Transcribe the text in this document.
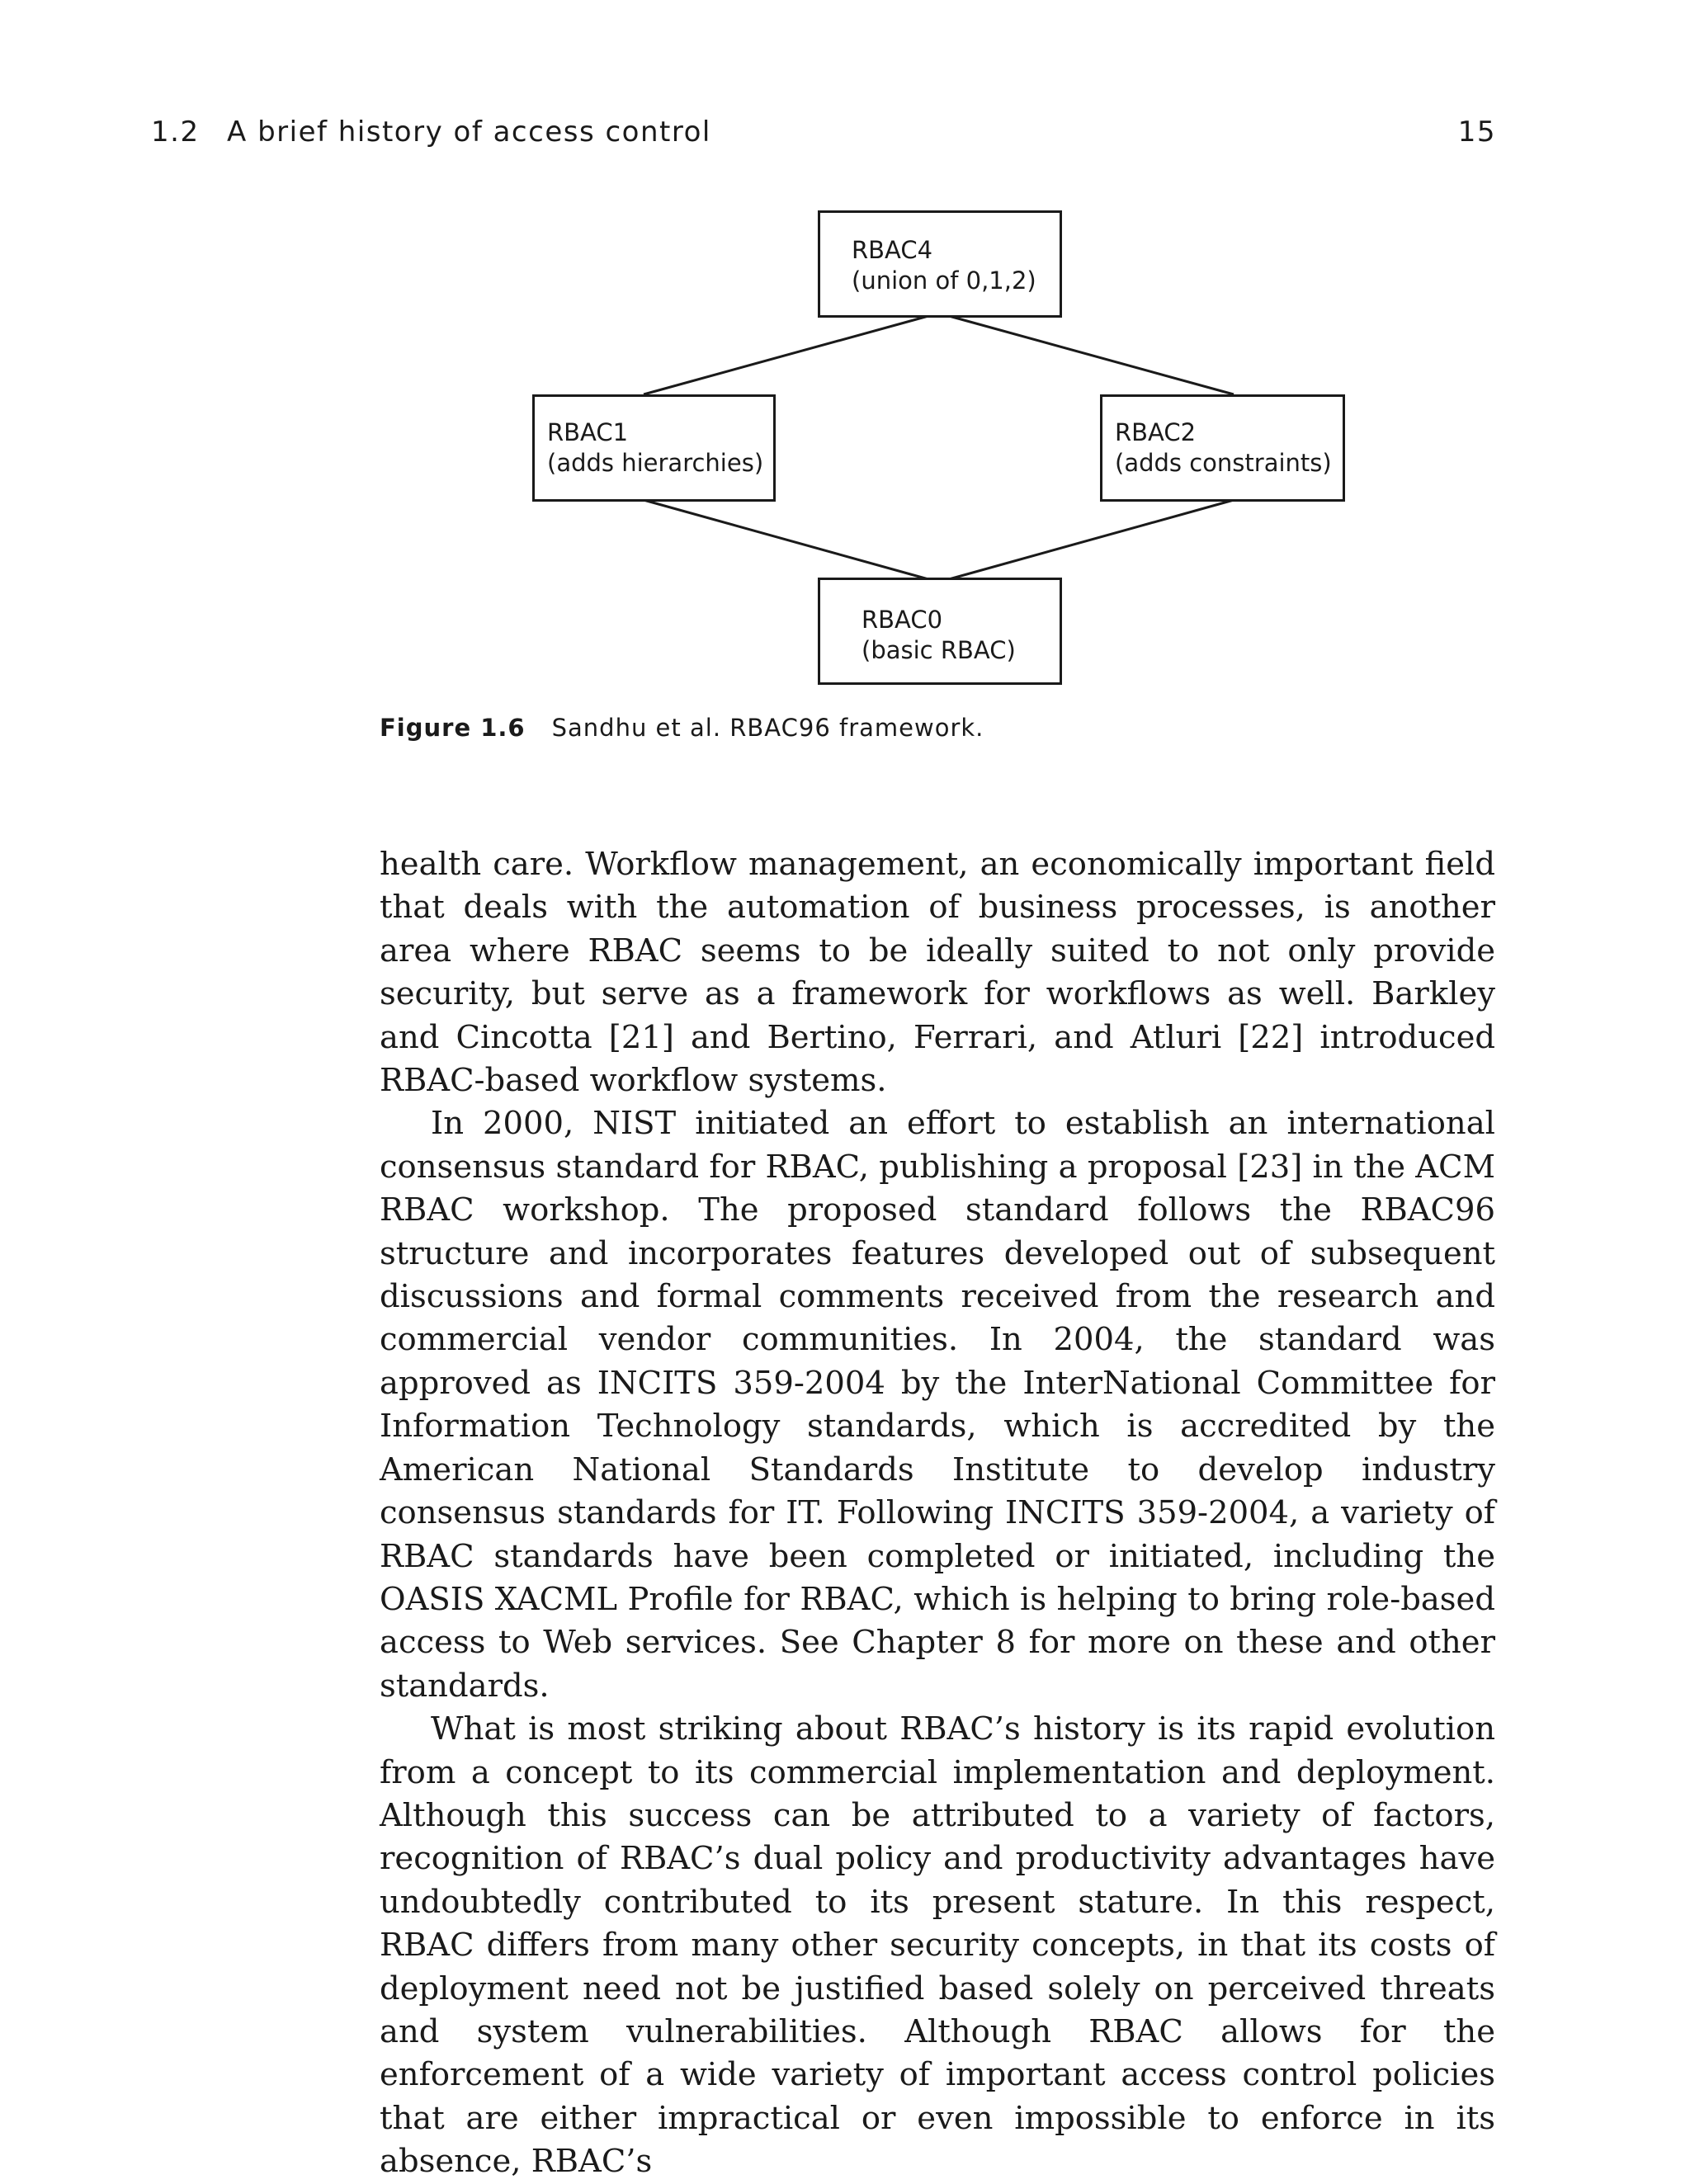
1.2 A brief history of access control	15
RBAC4
(union of 0,1,2)
RBAC1
(adds hierarchies)
RBAC2
(adds constraints)
RBAC0
(basic RBAC)
Figure 1.6 Sandhu et al. RBAC96 framework.

health care. Workflow management, an economically important field that deals with the automation of business processes, is another area where RBAC seems to be ideally suited to not only provide security, but serve as a framework for workflows as well. Barkley and Cincotta [21] and Bertino, Ferrari, and Atluri [22] introduced RBAC-based workflow systems.

In 2000, NIST initiated an effort to establish an international consensus standard for RBAC, publishing a proposal [23] in the ACM RBAC workshop. The proposed standard follows the RBAC96 structure and incorporates features developed out of subsequent discussions and formal comments received from the research and commercial vendor communities. In 2004, the standard was approved as INCITS 359-2004 by the InterNational Committee for Information Technology standards, which is accredited by the American National Standards Institute to develop industry consensus standards for IT. Following INCITS 359-2004, a variety of RBAC standards have been completed or initiated, including the OASIS XACML Profile for RBAC, which is helping to bring role-based access to Web services. See Chapter 8 for more on these and other standards.

What is most striking about RBAC’s history is its rapid evolution from a concept to its commercial implementation and deployment. Although this success can be attributed to a variety of factors, recognition of RBAC’s dual policy and productivity advantages have undoubtedly contributed to its present stature. In this respect, RBAC differs from many other security concepts, in that its costs of deployment need not be justified based solely on perceived threats and system vulnerabilities. Although RBAC allows for the enforcement of a wide variety of important access control policies that are either impractical or even impossible to enforce in its absence, RBAC’s
